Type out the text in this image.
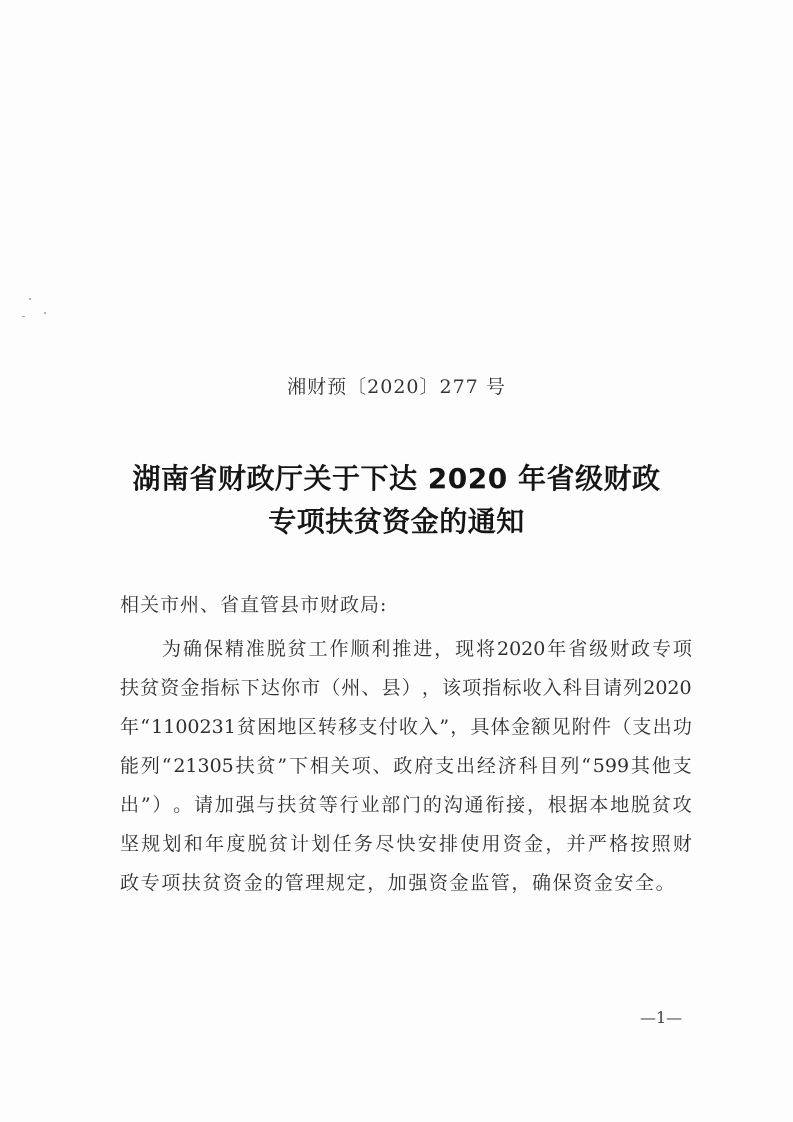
湘财预〔2020〕277 号
湖南省财政厅关于下达 2020 年省级财政
专项扶贫资金的通知
相关市州、省直管县市财政局:
为 确 保 精 准 脱 贫 工 作 顺 利 推 进 ， 现 将 2020 年 省 级 财 政 专 项
扶 贫 资 金 指 标 下 达 你 市 （ 州 、 县 ） ， 该 项 指 标 收 入 科 目 请 列 2020
年 “ 1100231 贫 困 地 区 转 移 支 付 收 入 ” ， 具 体 金 额 见 附 件 （ 支 出 功
能 列 “ 21305 扶 贫 ” 下 相 关 项 、 政 府 支 出 经 济 科 目 列 “ 599 其 他 支
出 ” ） 。 请 加 强 与 扶 贫 等 行 业 部 门 的 沟 通 衔 接 ， 根 据 本 地 脱 贫 攻
坚 规 划 和 年 度 脱 贫 计 划 任 务 尽 快 安 排 使 用 资 金 ， 并 严 格 按 照 财
政专项扶贫资金的管理规定，加强资金监管，确保资金安全。
—1—
